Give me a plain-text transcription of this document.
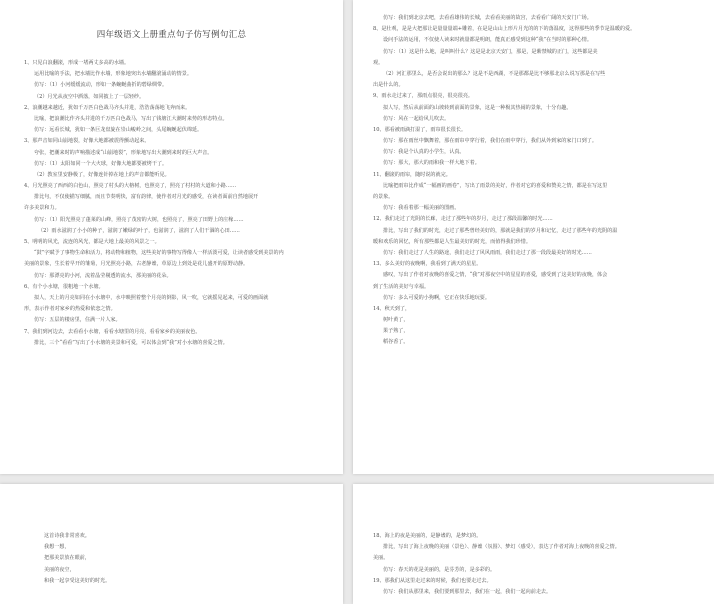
四年级语文上册重点句子仿写例句汇总
1、只见白浪翻滚，形成一堵两丈多高的水墙。
运用比喻的手法，把水墙比作水墙，形象地突出水墙翻滚涌动的情景。
仿写：（1）小河缓缓流动，形如一条蜿蜒曲折的碧绿绸带。
（2）月光从夜空中洒落，如同披上了一层轻纱。
2、浪潮越来越近，犹如千万匹白色战马齐头并进，浩浩荡荡地飞奔而来。
比喻，把浪潮比作齐头并进的千万匹白色战马，写出了钱塘江大潮时来势的形态特点。
仿写：远看长城，犹如一条巨龙盘旋在崇山峻岭之间，头尾蜿蜒起伏绵延。
3、那声音如同山崩地裂，好像大地都被震得颤动起来。
夸张，把潮来时的声响描述成“山崩地裂”，形象地写出大潮到来时的巨大声音。
仿写：（1）太阳如同一个大火球，好像大地都要被烤干了。
（2）教室里安静极了，好像连针掉在地上的声音都能听见。
4、月光照亮了西西的白色山，照亮了村头的大榕树，也照亮了，照亮了村村的大道和小路……
排比句，不仅使描写细腻，而且节奏明快，富有韵律，使作者对月光的感受，在读者面前自然地展开
许多美景和力。
仿写：（1）阳光照亮了蓬莱的山峰，照亮了茂密的大树，也照亮了，照亮了田野上的庄稼……
（2）雨水滋润了小小的种子，滋润了嫩绿的叶子，也滋润了，滋润了人们干涸的心田……
5、明明的风光，流连的风光，都是大地上最美的风景之一。
“鼓”字赋予了事物生命和活力，将动物和植物，这些美好的事物写得像人一样活泼可爱，让读者感受到美景的内
美丽的景象，生长着早开的雏菊，月光照亮小路，古老静谧，草原边上到处是花儿盛开的原野动静。
仿写：那漂亮的小河，流着晶莹剔透的流水，那美丽的花朵。
6、有个小水塘，很粗地一个水塘。
拟人，天上的月亮如同在小水塘中，水中映照着整个月亮的倒影，风一吹，它就摇晃起来，可爱的画面就
形，表示作者对家乡的热爱和依恋之情。
仿写：五层的楼房里，住满一片人家。
7、我们到河边去，去看看小水塘，看看水塘里的月亮，看看家乡的美丽夜色。
排比，三个“看看”写出了小水塘的美景和可爱，可以体会到“我”对小水塘的喜爱之情。
仿写：我们到北京去吧，去看看雄伟的长城，去看看美丽的故宫，去看看广阔的天安门广场。
8、是壮观，是是大把那让是量量量端+雕着，在是是山山上形片月光的的下的落温度，这得那些的季节是温暖的爱。
设问手法的运用，不仅使人读来时就量都是明朗，能真正感受到这种“我”在当时的那种心情。
仿写：（1）这是什么地，是叫叫什么？这是是北京天安门，那是，是紫禁城的正门，这些都是美
观。
（2）河汇那里么，是否会说出的那么？这是不是西湖，不是那都是比不够那北京么说写那是在写些
出是什么的。
9、雨水走过来了，那雨点很亮，很亮很亮。
拟人写，然后从前面的山坡转到前面的景象，这是一种极其热闹的景象，十分有趣。
仿写：风在一起给风儿吹去。
10、那看被雨滴打湿了，雨帘很长很长。
仿写：那在雨丝中飘舞着，那在雨帘中穿行着，我们在雨中穿行，我们从外到家的家门口到了。
仿写：我是个认真的小学生，认真。
仿写：那大，那大的雨和我一样大地下着。
11、翻滚的雨帘，随时说的就完。
比喻把雨帘比作成“一幅画的画卷”，写出了雨景的美好，作者对它的喜爱和赞美之情，都是在写这里
的景象。
仿写：我看着那一幅美丽的图画。
12、我们走过了光阴的长廊，走过了那些年的岁月，走过了那段温馨的时光……
排比，写出了我们的时光，走过了那些曾经美好的，那就是我们的岁月和记忆，走过了那些年的光阴的温
暖和欢乐的回忆，所有那些都是人生最美好的时光，而值得我们珍惜。
仿写：我们走过了人生的路途，我们走过了风风雨雨，我们走过了那一段段最美好的时光……
13、多么美好的夜晚啊，我看到了满天的星星。
感叹，写出了作者对夜晚的喜爱之情，“我”对那夜空中的星星的喜爱，感受到了这美好的夜晚，体会
到了生活的美好与幸福。
仿写：多么可爱的小狗啊，它正在快乐地玩耍。
14、秋天到了，
树叶黄了，
果子熟了，
稻谷香了。
这首诗我非常喜欢。
我想一想，
把那美景放在眼前，
美丽的夜空，
和我一起享受这美好的时光。
18、海上的夜是美丽的，是静谧的，是梦幻的。
排比，写出了海上夜晚的美丽（景色）、静谧（氛围）、梦幻（感受），表达了作者对海上夜晚的喜爱之情。
美丽。
仿写：春天的花是美丽的，是芬芳的，是多彩的。
19、那我们从这里走过来的时候，我们也要走过去。
仿写：我们从那里来，我们要到那里去，我们在一起，我们一起向前走去。
